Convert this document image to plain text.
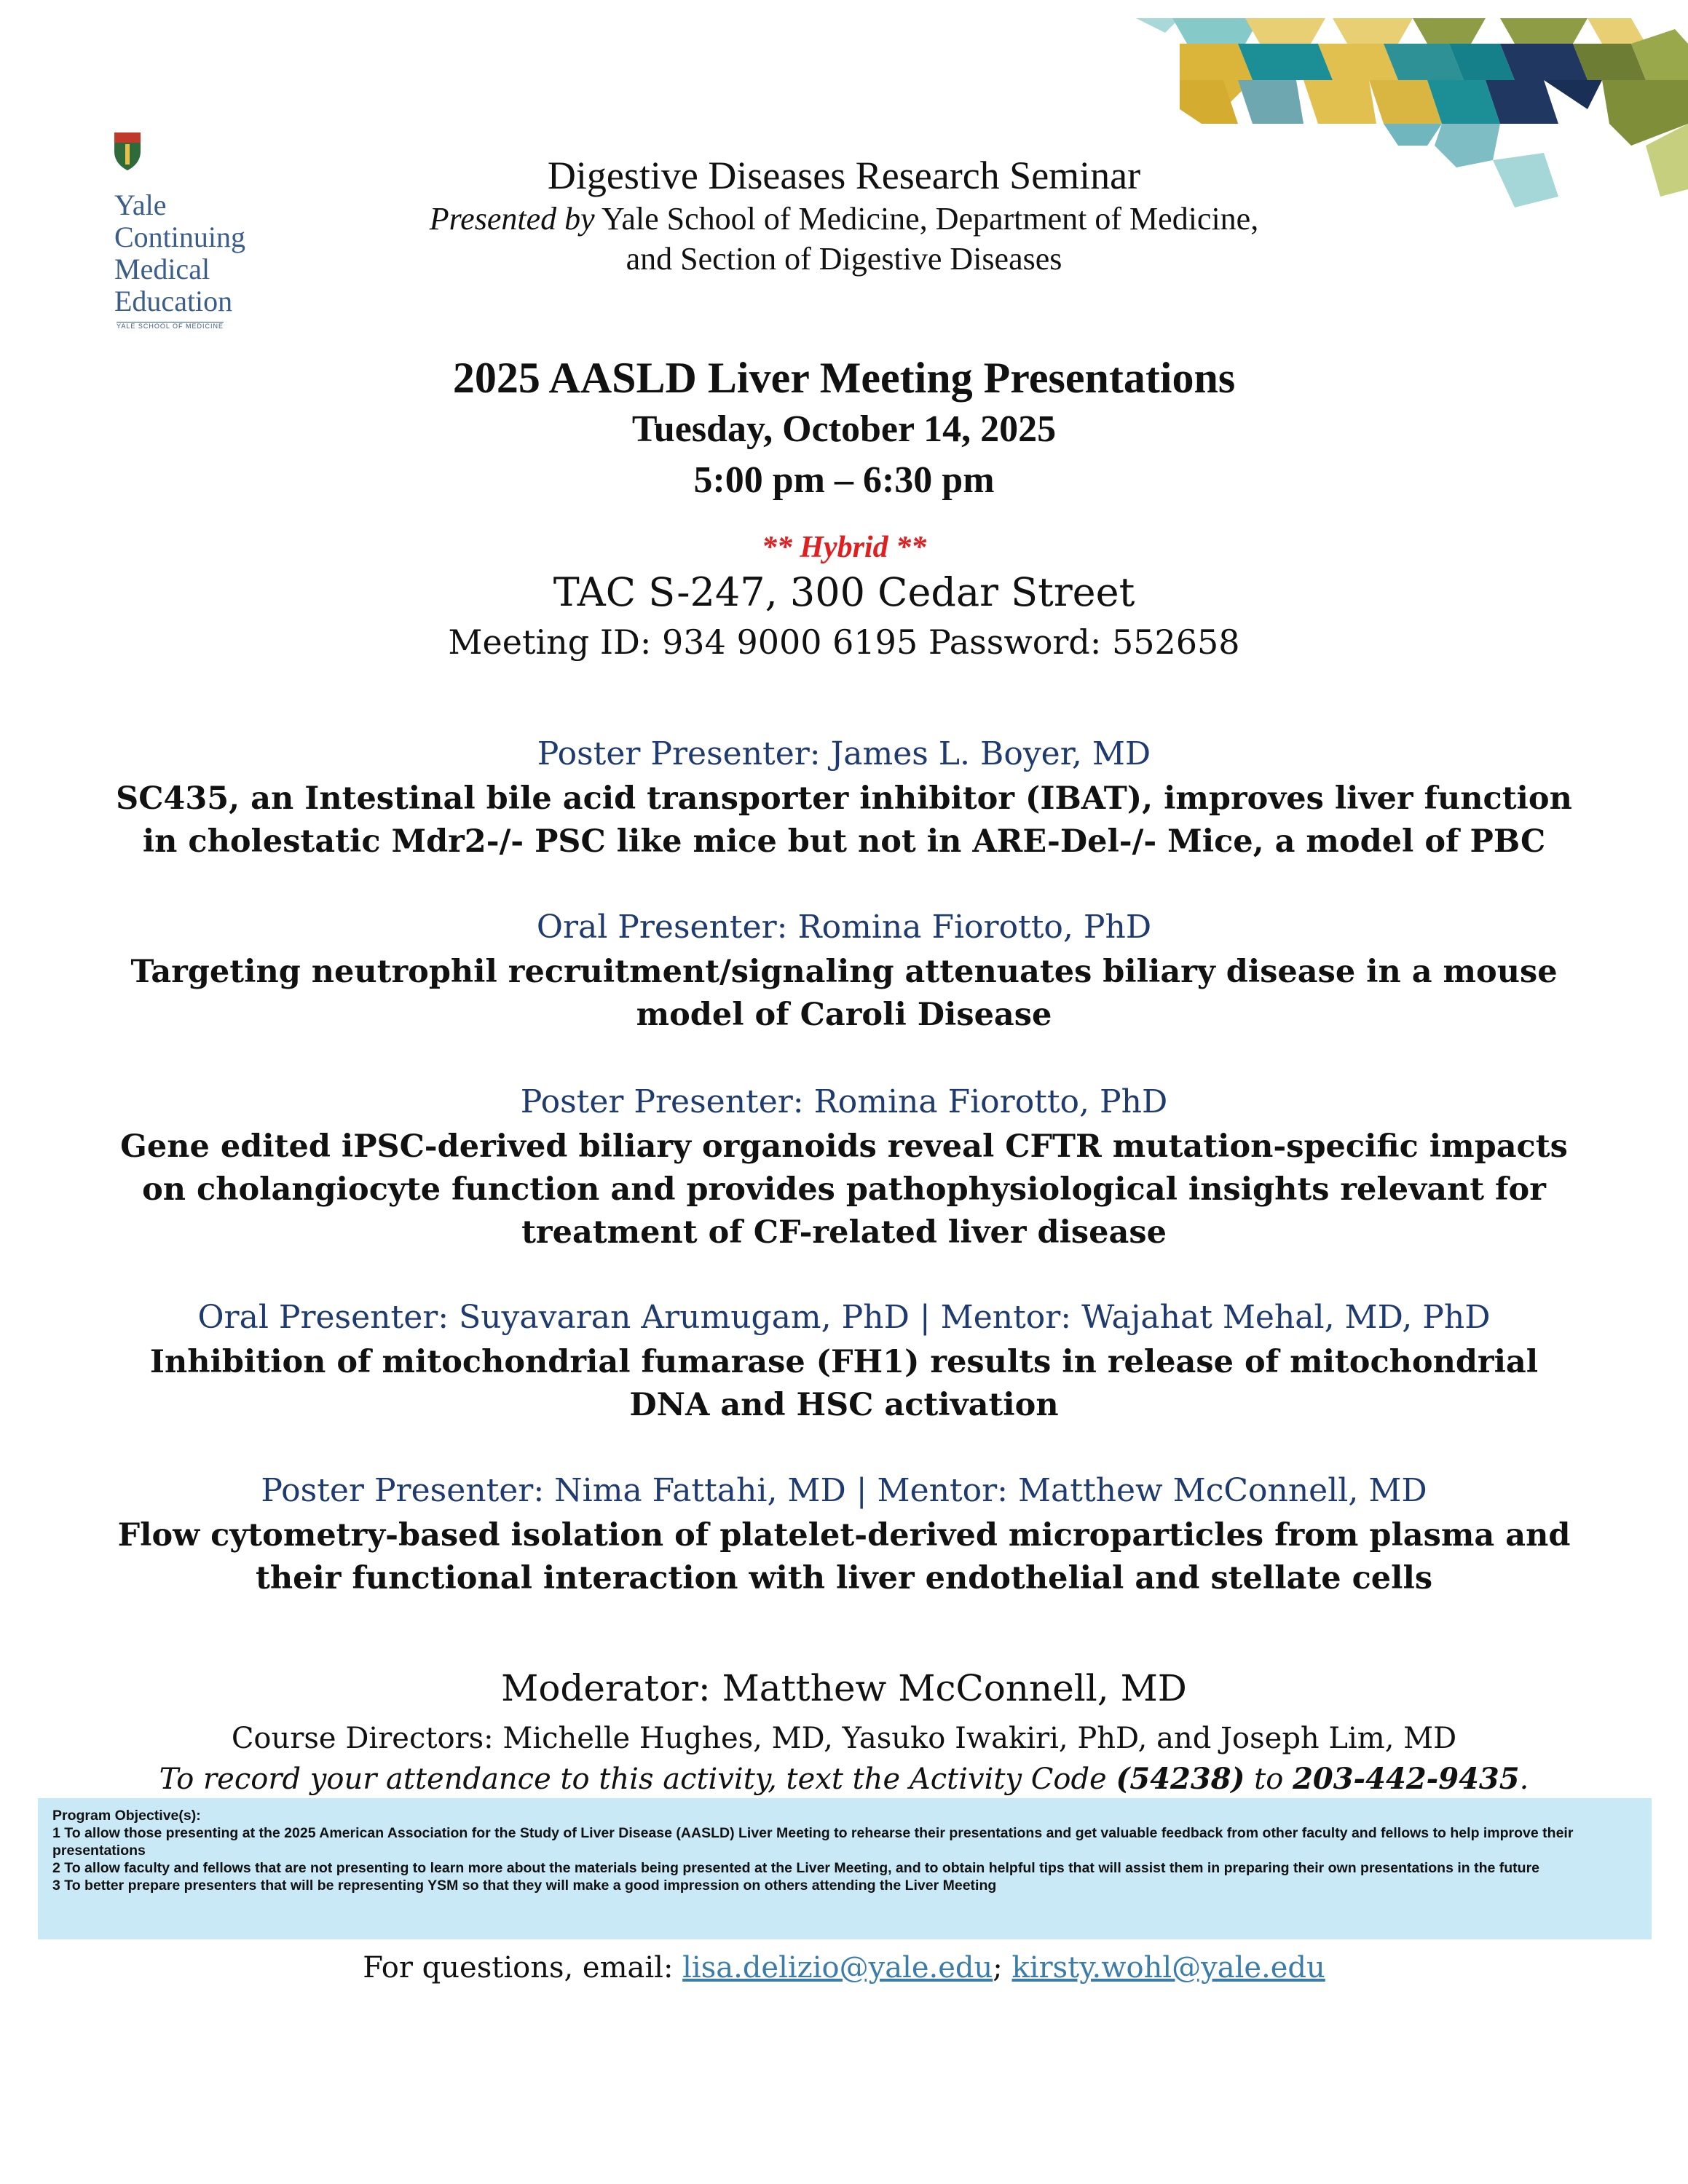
Yale
Continuing
Medical
Education
YALE SCHOOL OF MEDICINE
Digestive Diseases Research Seminar
Presented by Yale School of Medicine, Department of Medicine,
and Section of Digestive Diseases
2025 AASLD Liver Meeting Presentations
Tuesday, October 14, 2025
5:00 pm – 6:30 pm
** Hybrid **
TAC S-247, 300 Cedar Street
Meeting ID: 934 9000 6195 Password: 552658
Poster Presenter: James L. Boyer, MD
SC435, an Intestinal bile acid transporter inhibitor (IBAT), improves liver function
in cholestatic Mdr2-/- PSC like mice but not in ARE-Del-/- Mice, a model of PBC
Oral Presenter: Romina Fiorotto, PhD
Targeting neutrophil recruitment/signaling attenuates biliary disease in a mouse
model of Caroli Disease
Poster Presenter: Romina Fiorotto, PhD
Gene edited iPSC-derived biliary organoids reveal CFTR mutation-specific impacts
on cholangiocyte function and provides pathophysiological insights relevant for
treatment of CF-related liver disease
Oral Presenter: Suyavaran Arumugam, PhD | Mentor: Wajahat Mehal, MD, PhD
Inhibition of mitochondrial fumarase (FH1) results in release of mitochondrial
DNA and HSC activation
Poster Presenter: Nima Fattahi, MD | Mentor: Matthew McConnell, MD
Flow cytometry-based isolation of platelet-derived microparticles from plasma and
their functional interaction with liver endothelial and stellate cells
Moderator: Matthew McConnell, MD
Course Directors: Michelle Hughes, MD, Yasuko Iwakiri, PhD, and Joseph Lim, MD
To record your attendance to this activity, text the Activity Code (54238) to 203-442-9435.
Program Objective(s):
1 To allow those presenting at the 2025 American Association for the Study of Liver Disease (AASLD) Liver Meeting to rehearse their presentations and get valuable feedback from other faculty and fellows to help improve their presentations
2 To allow faculty and fellows that are not presenting to learn more about the materials being presented at the Liver Meeting, and to obtain helpful tips that will assist them in preparing their own presentations in the future
3 To better prepare presenters that will be representing YSM so that they will make a good impression on others attending the Liver Meeting
For questions, email: lisa.delizio@yale.edu; kirsty.wohl@yale.edu
